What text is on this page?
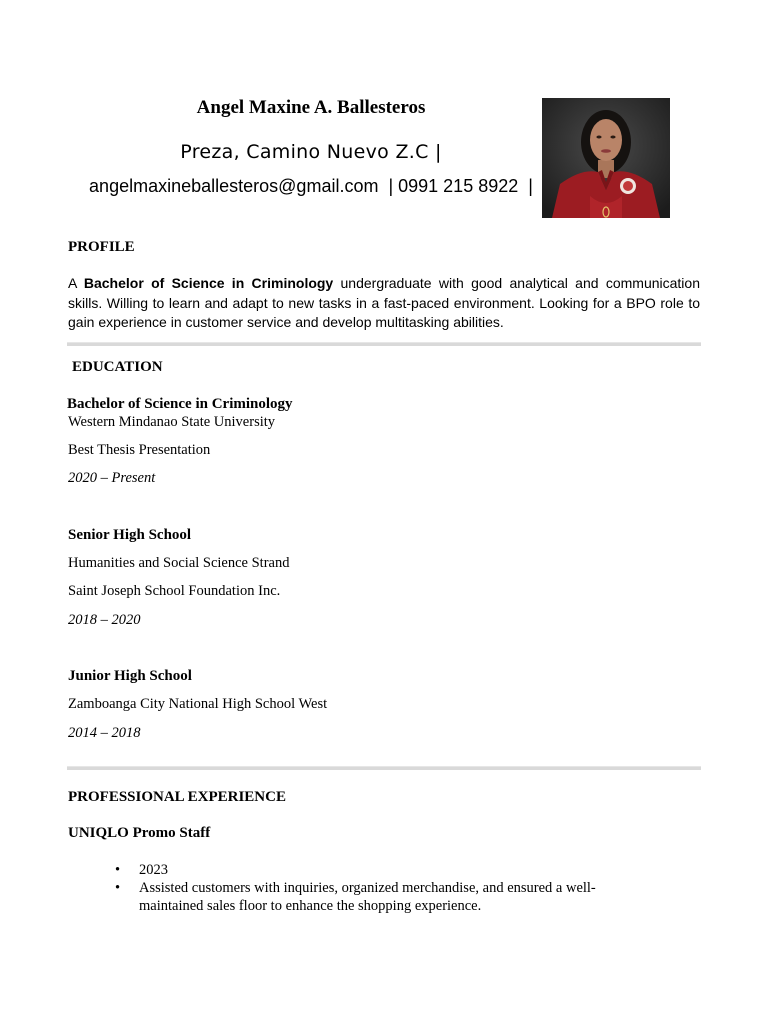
Angel Maxine A. Ballesteros
Preza, Camino Nuevo Z.C |
angelmaxineballesteros@gmail.com  | 0991 215 8922  |
PROFILE
A Bachelor of Science in Criminology undergraduate with good analytical and communication skills. Willing to learn and adapt to new tasks in a fast-paced environment. Looking for a BPO role to gain experience in customer service and develop multitasking abilities.
EDUCATION
Bachelor of Science in Criminology
Western Mindanao State University
Best Thesis Presentation
2020 – Present
Senior High School
Humanities and Social Science Strand
Saint Joseph School Foundation Inc.
2018 – 2020
Junior High School
Zamboanga City National High School West
2014 – 2018
PROFESSIONAL EXPERIENCE
UNIQLO Promo Staff
• 2023
• Assisted customers with inquiries, organized merchandise, and ensured a well-maintained sales floor to enhance the shopping experience.
